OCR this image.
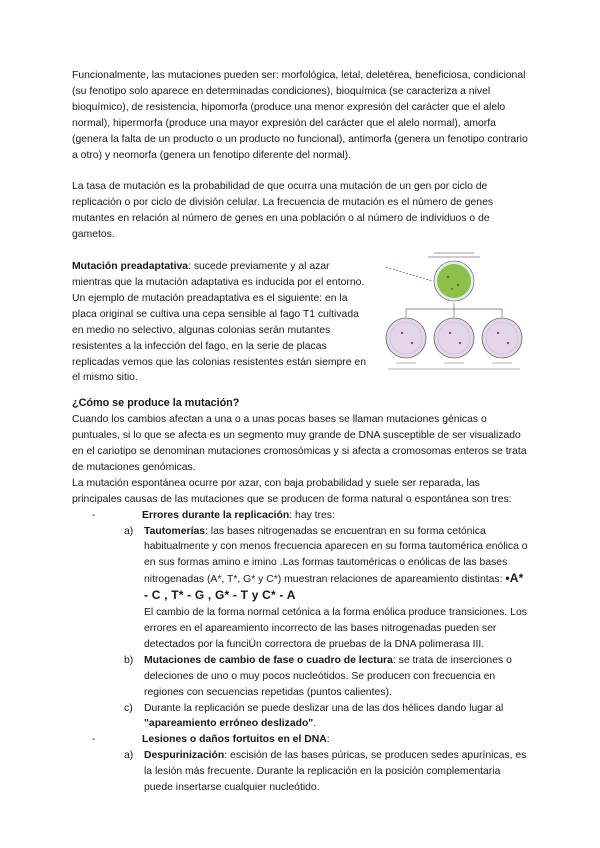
Funcionalmente, las mutaciones pueden ser: morfológica, letal, deletérea, beneficiosa, condicional (su fenotipo solo aparece en determinadas condiciones), bioquímica (se caracteriza a nivel bioquímico), de resistencia, hipomorfa (produce una menor expresión del carácter que el alelo normal), hipermorfa (produce una mayor expresión del carácter que el alelo normal), amorfa (genera la falta de un producto o un producto no funcional), antimorfa (genera un fenotipo contrario a otro) y neomorfa (genera un fenotipo diferente del normal).

La tasa de mutación es la probabilidad de que ocurra una mutación de un gen por ciclo de replicación o por ciclo de división celular. La frecuencia de mutación es el número de genes mutantes en relación al número de genes en una población o al número de individuos o de gametos.

Mutación preadaptativa: sucede previamente y al azar mientras que la mutación adaptativa es inducida por el entorno. Un ejemplo de mutación preadaptativa es el siguiente: en la placa original se cultiva una cepa sensible al fago T1 cultivada en medio no selectivo, algunas colonias serán mutantes resistentes a la infección del fago, en la serie de placas replicadas vemos que las colonias resistentes están siempre en el mismo sitio.

¿Cómo se produce la mutación?

Cuando los cambios afectan a una o a unas pocas bases se llaman mutaciones génicas o puntuales, si lo que se afecta es un segmento muy grande de DNA susceptible de ser visualizado en el cariotipo se denominan mutaciones cromosómicas y si afecta a cromosomas enteros se trata de mutaciones genómicas.

La mutación espontánea ocurre por azar, con baja probabilidad y suele ser reparada, las principales causas de las mutaciones que se producen de forma natural o espontánea son tres:

-	Errores durante la replicación: hay tres:
a) Tautomerías: las bases nitrogenadas se encuentran en su forma cetónica habitualmente y con menos frecuencia aparecen en su forma tautomérica enólica o en sus formas amino e imino .Las formas tautoméricas o enólicas de las bases nitrogenadas (A*, T*, G* y C*) muestran relaciones de apareamiento distintas: •A* - C , T* - G , G* - T y C* - A
El cambio de la forma normal cetónica a la forma enólica produce transiciones. Los errores en el apareamiento incorrecto de las bases nitrogenadas pueden ser detectados por la funciÜn correctora de pruebas de la DNA polimerasa III.
b) Mutaciones de cambio de fase o cuadro de lectura: se trata de inserciones o deleciones de uno o muy pocos nucleótidos. Se producen con frecuencia en regiones con secuencias repetidas (puntos calientes).
c) Durante la replicación se puede deslizar una de las dos hélices dando lugar al "apareamiento erróneo deslizado".
-	Lesiones o daños fortuitos en el DNA:
a) Despurinización: escisión de las bases púricas, se producen sedes apurínicas, es la lesión más frecuente. Durante la replicación en la posición complementaria puede insertarse cualquier nucleótido.
